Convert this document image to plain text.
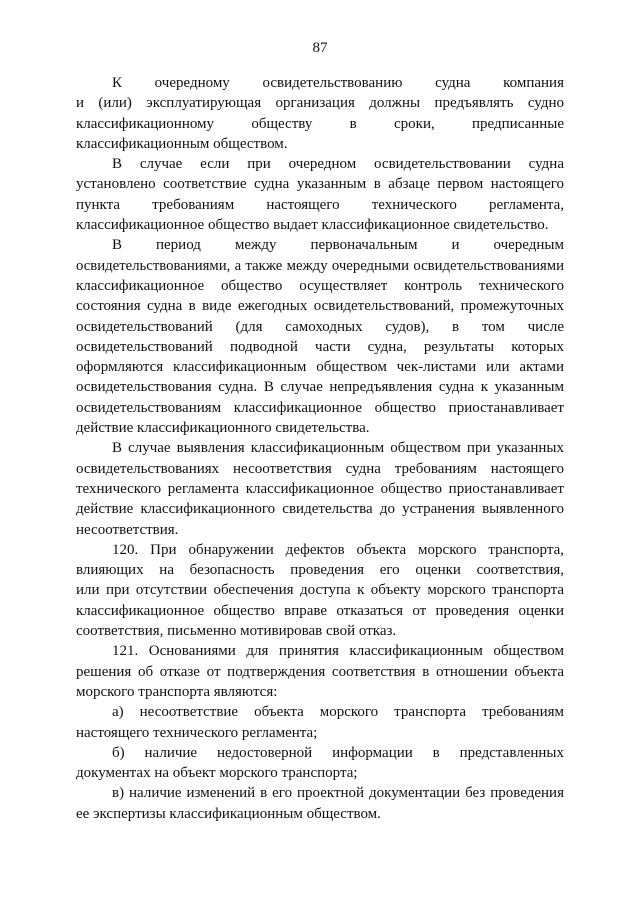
87
К очередному освидетельствованию судна компания
и (или) эксплуатирующая организация должны предъявлять судно
классификационному обществу в сроки, предписанные
классификационным обществом.
В случае если при очередном освидетельствовании судна
установлено соответствие судна указанным в абзаце первом настоящего
пункта требованиям настоящего технического регламента,
классификационное общество выдает классификационное свидетельство.
В период между первоначальным и очередным
освидетельствованиями, а также между очередными освидетельствованиями
классификационное общество осуществляет контроль технического
состояния судна в виде ежегодных освидетельствований, промежуточных
освидетельствований (для самоходных судов), в том числе
освидетельствований подводной части судна, результаты которых
оформляются классификационным обществом чек-листами или актами
освидетельствования судна. В случае непредъявления судна к указанным
освидетельствованиям классификационное общество приостанавливает
действие классификационного свидетельства.
В случае выявления классификационным обществом при указанных
освидетельствованиях несоответствия судна требованиям настоящего
технического регламента классификационное общество приостанавливает
действие классификационного свидетельства до устранения выявленного
несоответствия.
120. При обнаружении дефектов объекта морского транспорта,
влияющих на безопасность проведения его оценки соответствия,
или при отсутствии обеспечения доступа к объекту морского транспорта
классификационное общество вправе отказаться от проведения оценки
соответствия, письменно мотивировав свой отказ.
121. Основаниями для принятия классификационным обществом
решения об отказе от подтверждения соответствия в отношении объекта
морского транспорта являются:
а) несоответствие объекта морского транспорта требованиям
настоящего технического регламента;
б) наличие недостоверной информации в представленных
документах на объект морского транспорта;
в) наличие изменений в его проектной документации без проведения
ее экспертизы классификационным обществом.
